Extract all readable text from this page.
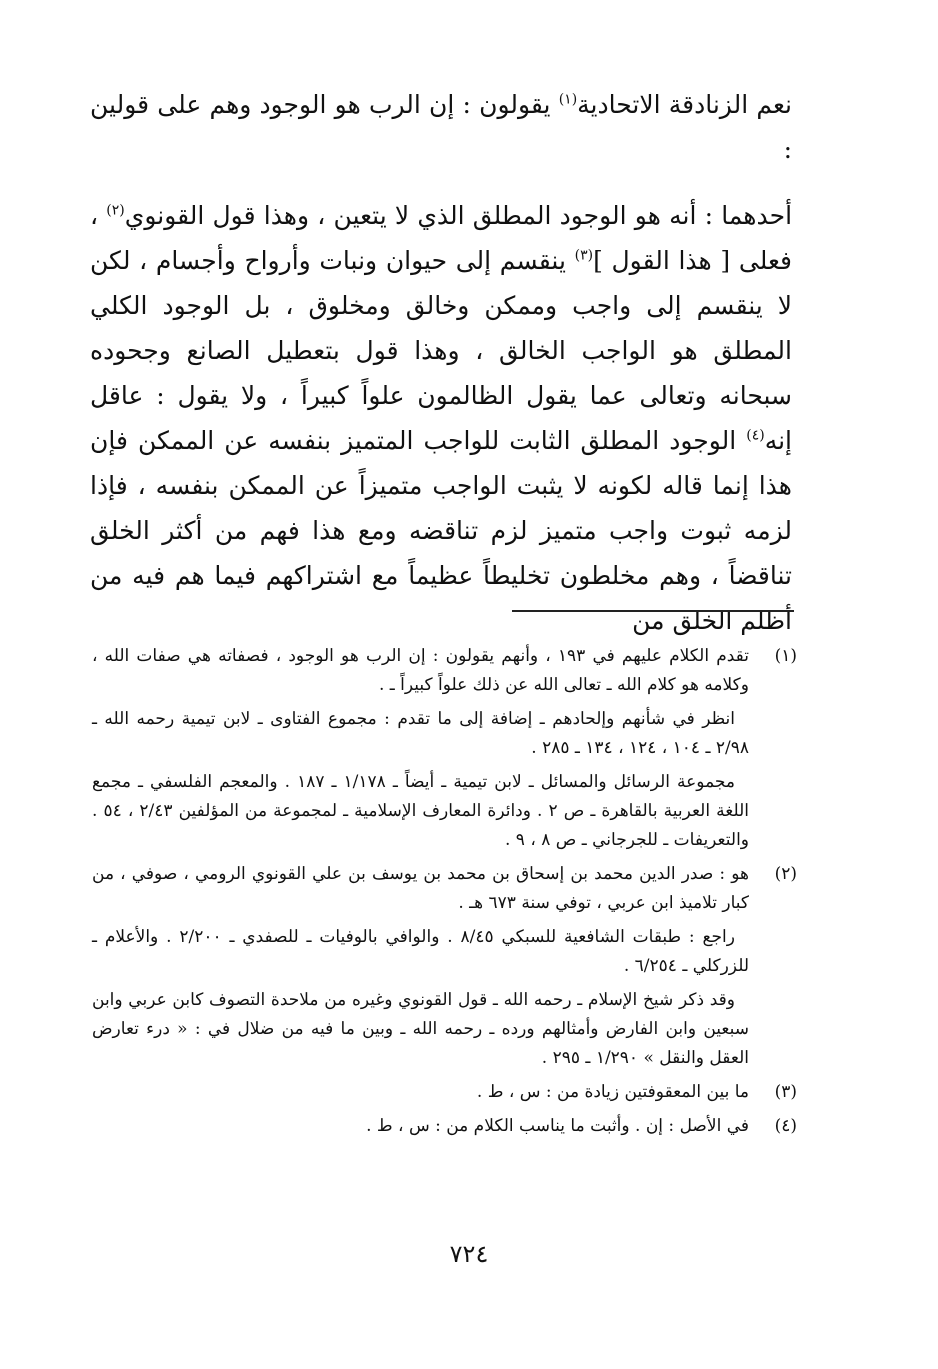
نعم الزنادقة الاتحادية$^{(١)}$ يقولون : إن الرب هو الوجود وهم على قولين :

أحدهما : أنه هو الوجود المطلق الذي لا يتعين ، وهذا قول القونوي$^{(٢)}$ ، فعلى [ هذا القول ]$^{(٣)}$ ينقسم إلى حيوان ونبات وأرواح وأجسام ، لكن لا ينقسم إلى واجب وممكن وخالق ومخلوق ، بل الوجود الكلي المطلق هو الواجب الخالق ، وهذا قول بتعطيل الصانع وجحوده سبحانه وتعالى عما يقول الظالمون علواً كبيراً ، ولا يقول : عاقل إنه$^{(٤)}$ الوجود المطلق الثابت للواجب المتميز بنفسه عن الممكن فإن هذا إنما قاله لكونه لا يثبت الواجب متميزاً عن الممكن بنفسه ، فإذا لزمه ثبوت واجب متميز لزم تناقضه ومع هذا فهم من أكثر الخلق تناقضاً ، وهم مخلطون تخليطاً عظيماً مع اشتراكهم فيما هم فيه من أظلم الخلق من

(١)

تقدم الكلام عليهم في ١٩٣ ، وأنهم يقولون : إن الرب هو الوجود ، فصفاته هي صفات الله ، وكلامه هو كلام الله ـ تعالى الله عن ذلك علواً كبيراً ـ .

انظر في شأنهم وإلحادهم ـ إضافة إلى ما تقدم : مجموع الفتاوى ـ لابن تيمية رحمه الله ـ ٢/٩٨ ـ ١٠٤ ، ١٢٤ ، ١٣٤ ـ ٢٨٥ .

مجموعة الرسائل والمسائل ـ لابن تيمية ـ أيضاً ـ ١/١٧٨ ـ ١٨٧ . والمعجم الفلسفي ـ مجمع اللغة العربية بالقاهرة ـ ص ٢ . ودائرة المعارف الإسلامية ـ لمجموعة من المؤلفين ٢/٤٣ ، ٥٤ . والتعريفات ـ للجرجاني ـ ص ٨ ، ٩ .

(٢)

هو : صدر الدين محمد بن إسحاق بن محمد بن يوسف بن علي القونوي الرومي ، صوفي ، من كبار تلاميذ ابن عربي ، توفي سنة ٦٧٣ هـ .

راجع : طبقات الشافعية للسبكي ٨/٤٥ . والوافي بالوفيات ـ للصفدي ـ ٢/٢٠٠ . والأعلام ـ للزركلي ـ ٦/٢٥٤ .

وقد ذكر شيخ الإسلام ـ رحمه الله ـ قول القونوي وغيره من ملاحدة التصوف كابن عربي وابن سبعين وابن الفارض وأمثالهم ورده ـ رحمه الله ـ وبين ما فيه من ضلال في : « درء تعارض العقل والنقل » ١/٢٩٠ ـ ٢٩٥ .

(٣)

ما بين المعقوفتين زيادة من : س ، ط .

(٤)

في الأصل : إن . وأثبت ما يناسب الكلام من : س ، ط .

٧٢٤
